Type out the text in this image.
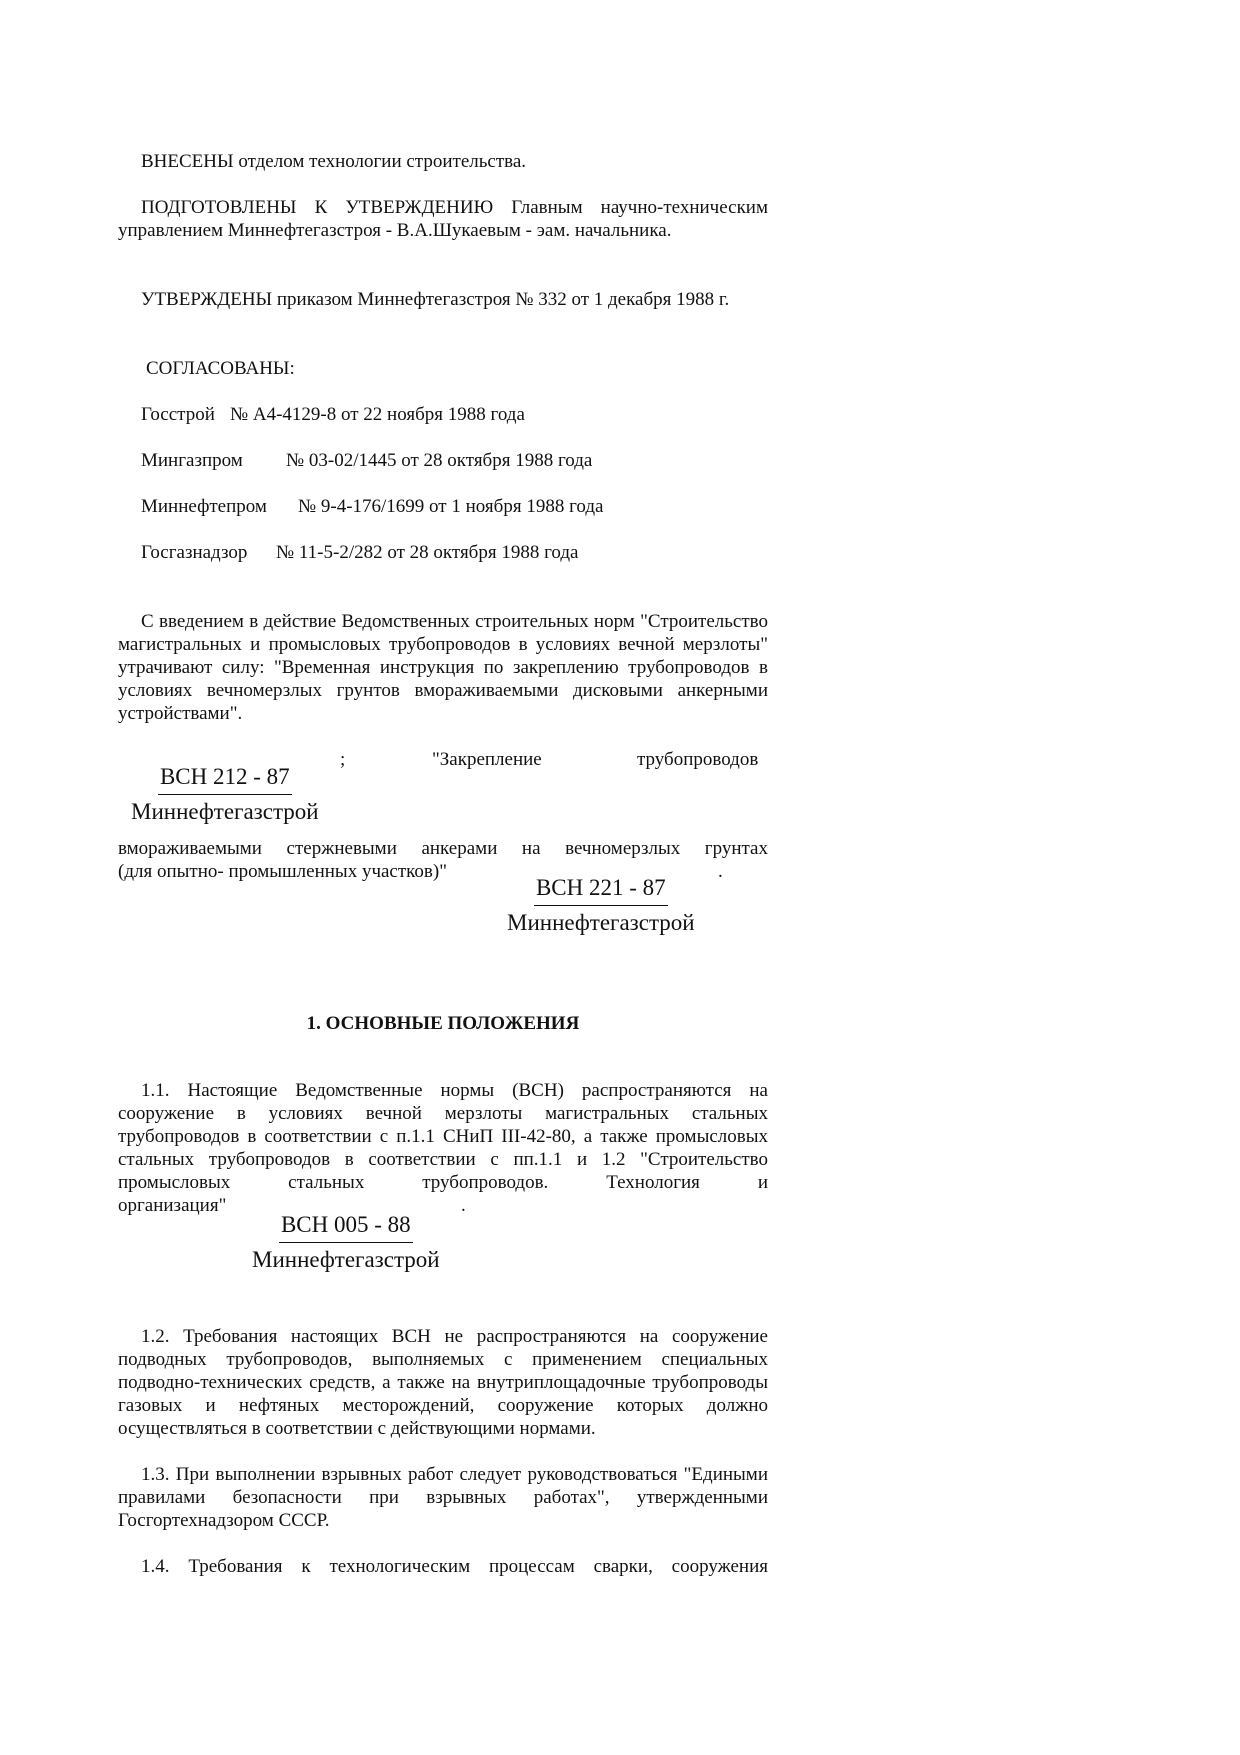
ВНЕСЕНЫ отделом технологии строительства.

ПОДГОТОВЛЕНЫ К УТВЕРЖДЕНИЮ Главным научно-техническим управлением Миннефтегазстроя - В.А.Шукаевым - эам. начальника.

УТВЕРЖДЕНЫ приказом Миннефтегазстроя № 332 от 1 декабря 1988 г.

СОГЛАСОВАНЫ:
Госстрой № А4-4129-8 от 22 ноября 1988 года
Мингазпром № 03-02/1445 от 28 октября 1988 года
Миннефтепром № 9-4-176/1699 от 1 ноября 1988 года
Госгазнадзор № 11-5-2/282 от 28 октября 1988 года

С введением в действие Ведомственных строительных норм "Строительство магистральных и промысловых трубопроводов в условиях вечной мерзлоты" утрачивают силу: "Временная инструкция по закреплению трубопроводов в условиях вечномерзлых грунтов вмораживаемыми дисковыми анкерными устройствами".

;	"Закрепление	трубопроводов
ВСН 212 - 87
Миннефтегазстрой

вмораживаемыми стержневыми анкерами на вечномерзлых грунтах

(для опытно- промышленных участков)"	.
ВСН 221 - 87
Миннефтегазстрой
1. ОСНОВНЫЕ ПОЛОЖЕНИЯ

1.1. Настоящие Ведомственные нормы (ВСН) распространяются на сооружение в условиях вечной мерзлоты магистральных стальных трубопроводов в соответствии с п.1.1 СНиП III-42-80, а также промысловых стальных трубопроводов в соответствии с пп.1.1 и 1.2 "Строительство промысловых стальных трубопроводов. Технология и

организация"	.
ВСН 005 - 88
Миннефтегазстрой

1.2. Требования настоящих ВСН не распространяются на сооружение подводных трубопроводов, выполняемых с применением специальных подводно-технических средств, а также на внутриплощадочные трубопроводы газовых и нефтяных месторождений, сооружение которых должно осуществляться в соответствии с действующими нормами.

1.3. При выполнении взрывных работ следует руководствоваться "Едиными правилами безопасности при взрывных работах", утвержденными Госгортехнадзором СССР.

1.4. Требования к технологическим процессам сварки, сооружения
